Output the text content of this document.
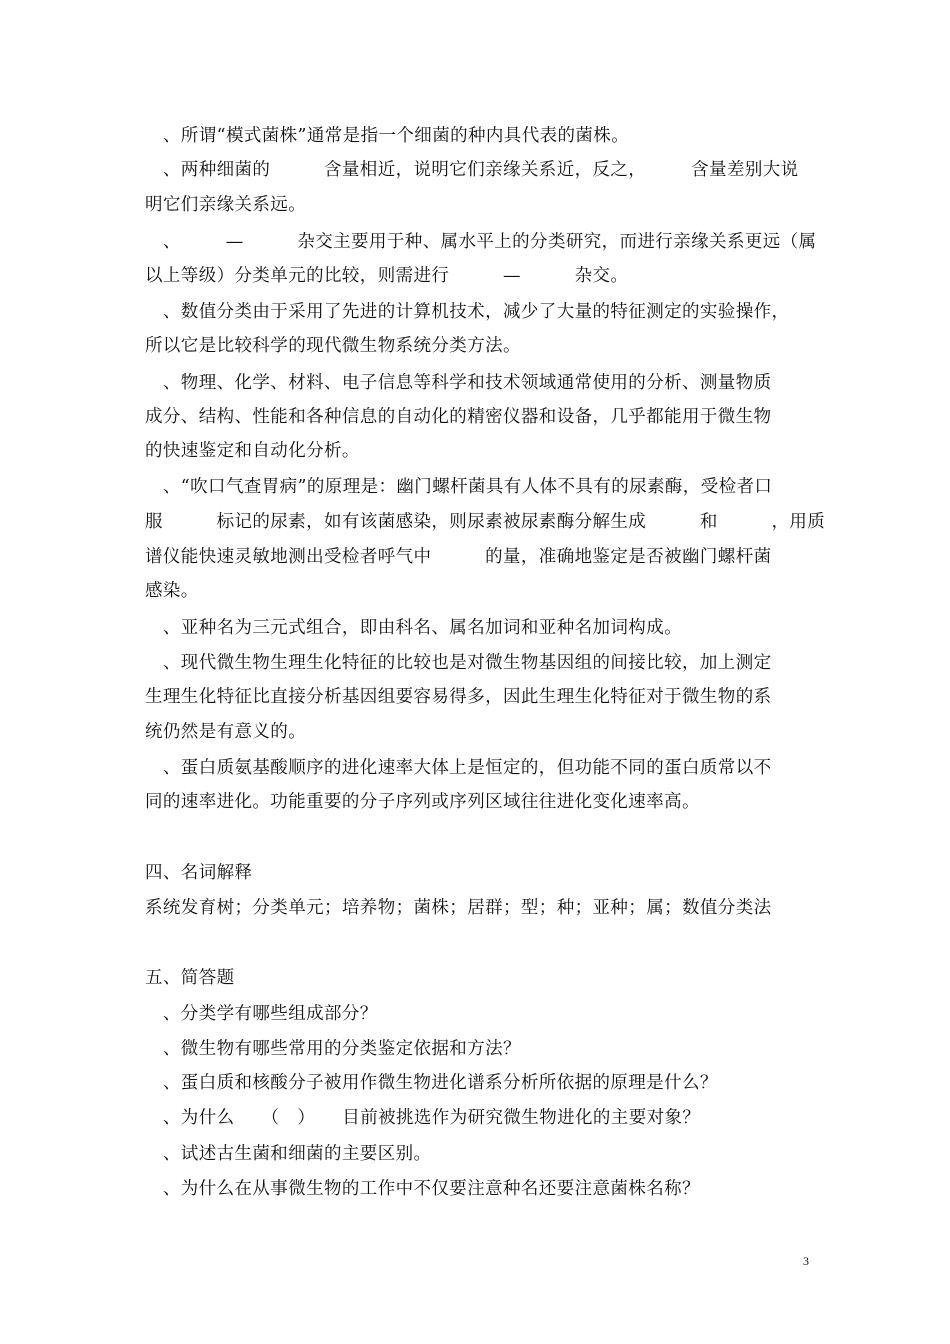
　、所谓“模式菌株”通常是指一个细菌的种内具代表的菌株。
　、两种细菌的　　　含量相近，说明它们亲缘关系近，反之，　　　含量差别大说
明它们亲缘关系远。
　、　　　—　　　杂交主要用于种、属水平上的分类研究，而进行亲缘关系更远（属
以上等级）分类单元的比较，则需进行　　　—　　　杂交。
　、数值分类由于采用了先进的计算机技术，减少了大量的特征测定的实验操作，
所以它是比较科学的现代微生物系统分类方法。
　、物理、化学、材料、电子信息等科学和技术领域通常使用的分析、测量物质
成分、结构、性能和各种信息的自动化的精密仪器和设备，几乎都能用于微生物
的快速鉴定和自动化分析。
　、“吹口气查胃病”的原理是：幽门螺杆菌具有人体不具有的尿素酶，受检者口
服　　　标记的尿素，如有该菌感染，则尿素被尿素酶分解生成　　　和　　　，用质
谱仪能快速灵敏地测出受检者呼气中　　　的量，准确地鉴定是否被幽门螺杆菌
感染。
　、亚种名为三元式组合，即由科名、属名加词和亚种名加词构成。
　、现代微生物生理生化特征的比较也是对微生物基因组的间接比较，加上测定
生理生化特征比直接分析基因组要容易得多，因此生理生化特征对于微生物的系
统仍然是有意义的。
　、蛋白质氨基酸顺序的进化速率大体上是恒定的，但功能不同的蛋白质常以不
同的速率进化。功能重要的分子序列或序列区域往往进化变化速率高。
四、名词解释
系统发育树；分类单元；培养物；菌株；居群；型；种；亚种；属；数值分类法
五、简答题
　、分类学有哪些组成部分？
　、微生物有哪些常用的分类鉴定依据和方法？
　、蛋白质和核酸分子被用作微生物进化谱系分析所依据的原理是什么？
　、为什么　　（　）　　目前被挑选作为研究微生物进化的主要对象？
　、试述古生菌和细菌的主要区别。
　、为什么在从事微生物的工作中不仅要注意种名还要注意菌株名称？
3
